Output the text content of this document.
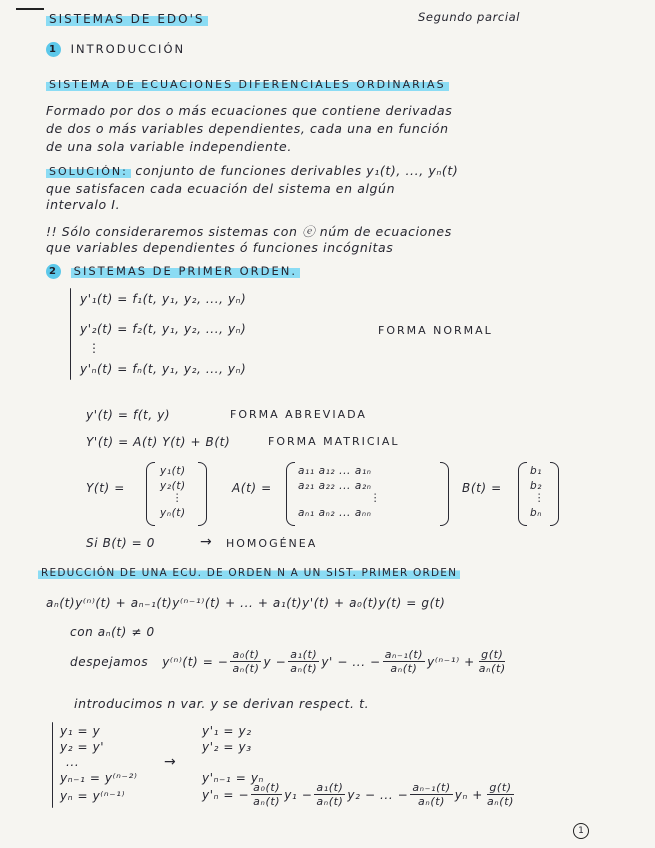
SISTEMAS DE EDO'S	Segundo parcial
1 INTRODUCCIÓN
SISTEMA DE ECUACIONES DIFERENCIALES ORDINARIAS
Formado por dos o más ecuaciones que contiene derivadas
de dos o más variables dependientes, cada una en función
de una sola variable independiente.
SOLUCIÓN: conjunto de funciones derivables y₁(t), ..., yₙ(t)
que satisfacen cada ecuación del sistema en algún
intervalo I.
!! Sólo consideraremos sistemas con ⓔ núm de ecuaciones
que variables dependientes ó funciones incógnitas
2 SISTEMAS DE PRIMER ORDEN.
y'₁(t) = f₁(t, y₁, y₂, ..., yₙ)
y'₂(t) = f₂(t, y₁, y₂, ..., yₙ)
⋮
y'ₙ(t) = fₙ(t, y₁, y₂, ..., yₙ)
FORMA NORMAL
y'(t) = f(t, y)	FORMA ABREVIADA
Y'(t) = A(t) Y(t) + B(t)	FORMA MATRICIAL
Y(t) =
y₁(t)
y₂(t)
⋮
yₙ(t)
A(t) =
a₁₁ a₁₂ ... a₁ₙ
a₂₁ a₂₂ ... a₂ₙ
⋮
aₙ₁ aₙ₂ ... aₙₙ
B(t) =
b₁
b₂
⋮
bₙ
Si B(t) = 0	→ HOMOGÉNEA
REDUCCIÓN DE UNA ECU. DE ORDEN N A UN SIST. PRIMER ORDEN
aₙ(t)y⁽ⁿ⁾(t) + aₙ₋₁(t)y⁽ⁿ⁻¹⁾(t) + ... + a₁(t)y'(t) + a₀(t)y(t) = g(t)
con aₙ(t) ≠ 0
despejamos y⁽ⁿ⁾(t) = − $\frac{\text{a₀(t)}}{\text{aₙ(t)}}$ $y - \frac{\text{a₁(t)}}{\text{aₙ(t)}} y'$ − ... − $\frac{\text{aₙ₋₁(t)}}{\text{aₙ(t)}} y^{(n-1)} + \frac{g(t)}{\text{aₙ(t)}}$
introducimos n var. y se derivan respect. t.
y₁ = y
y₂ = y'
...
yₙ₋₁ = y⁽ⁿ⁻²⁾
yₙ = y⁽ⁿ⁻¹⁾
→
y'₁ = y₂
y'₂ = y₃
y'ₙ₋₁ = yₙ
y'ₙ = − $\frac{\text{a₀(t)}}{\text{aₙ(t)}} y_1 - \frac{\text{a₁(t)}}{\text{aₙ(t)}} y_2$ − ... − $\frac{\text{aₙ₋₁(t)}}{\text{aₙ(t)}}$ $y_n + \frac{g(t)}{\text{aₙ(t)}}$
1
